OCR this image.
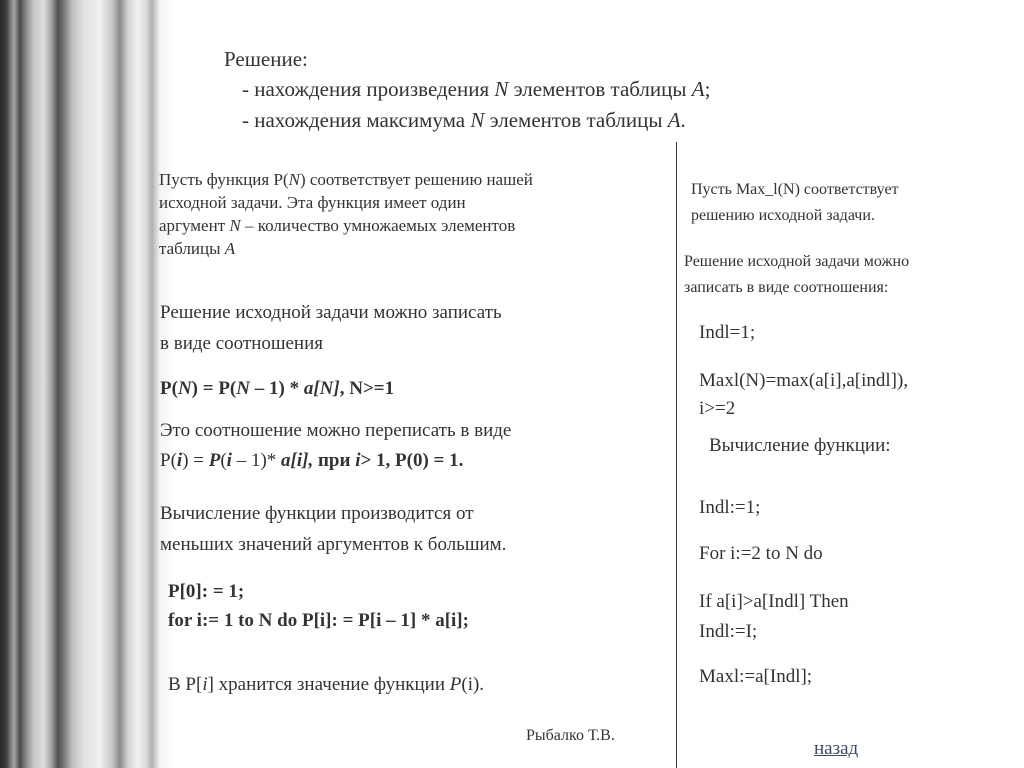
Решение:
- нахождения произведения N элементов таблицы A;
- нахождения максимума N элементов таблицы A.
Пусть функция P(N) соответствует решению нашей
исходной задачи. Эта функция имеет один
аргумент N – количество умножаемых элементов
таблицы A
Решение исходной задачи можно записать
в виде соотношения
P(N) = P(N – 1) * a[N], N>=1
Это соотношение можно переписать в виде
P(i) = P(i – 1)* a[i], при i> 1, P(0) = 1.
Вычисление функции производится от
меньших значений аргументов к большим.
P[0]: = 1;
for i:= 1 to N do P[i]: = P[i – 1] * a[i];
В P[i] хранится значение функции P(i).
Рыбалко Т.В.
Пусть Max_l(N) соответствует
решению исходной задачи.
Решение исходной задачи можно
записать в виде соотношения:
Indl=1;
Maxl(N)=max(a[i],a[indl]),
i>=2
Вычисление функции:
Indl:=1;
For i:=2 to N do
If a[i]>a[Indl] Then
Indl:=I;
Maxl:=a[Indl];
назад
